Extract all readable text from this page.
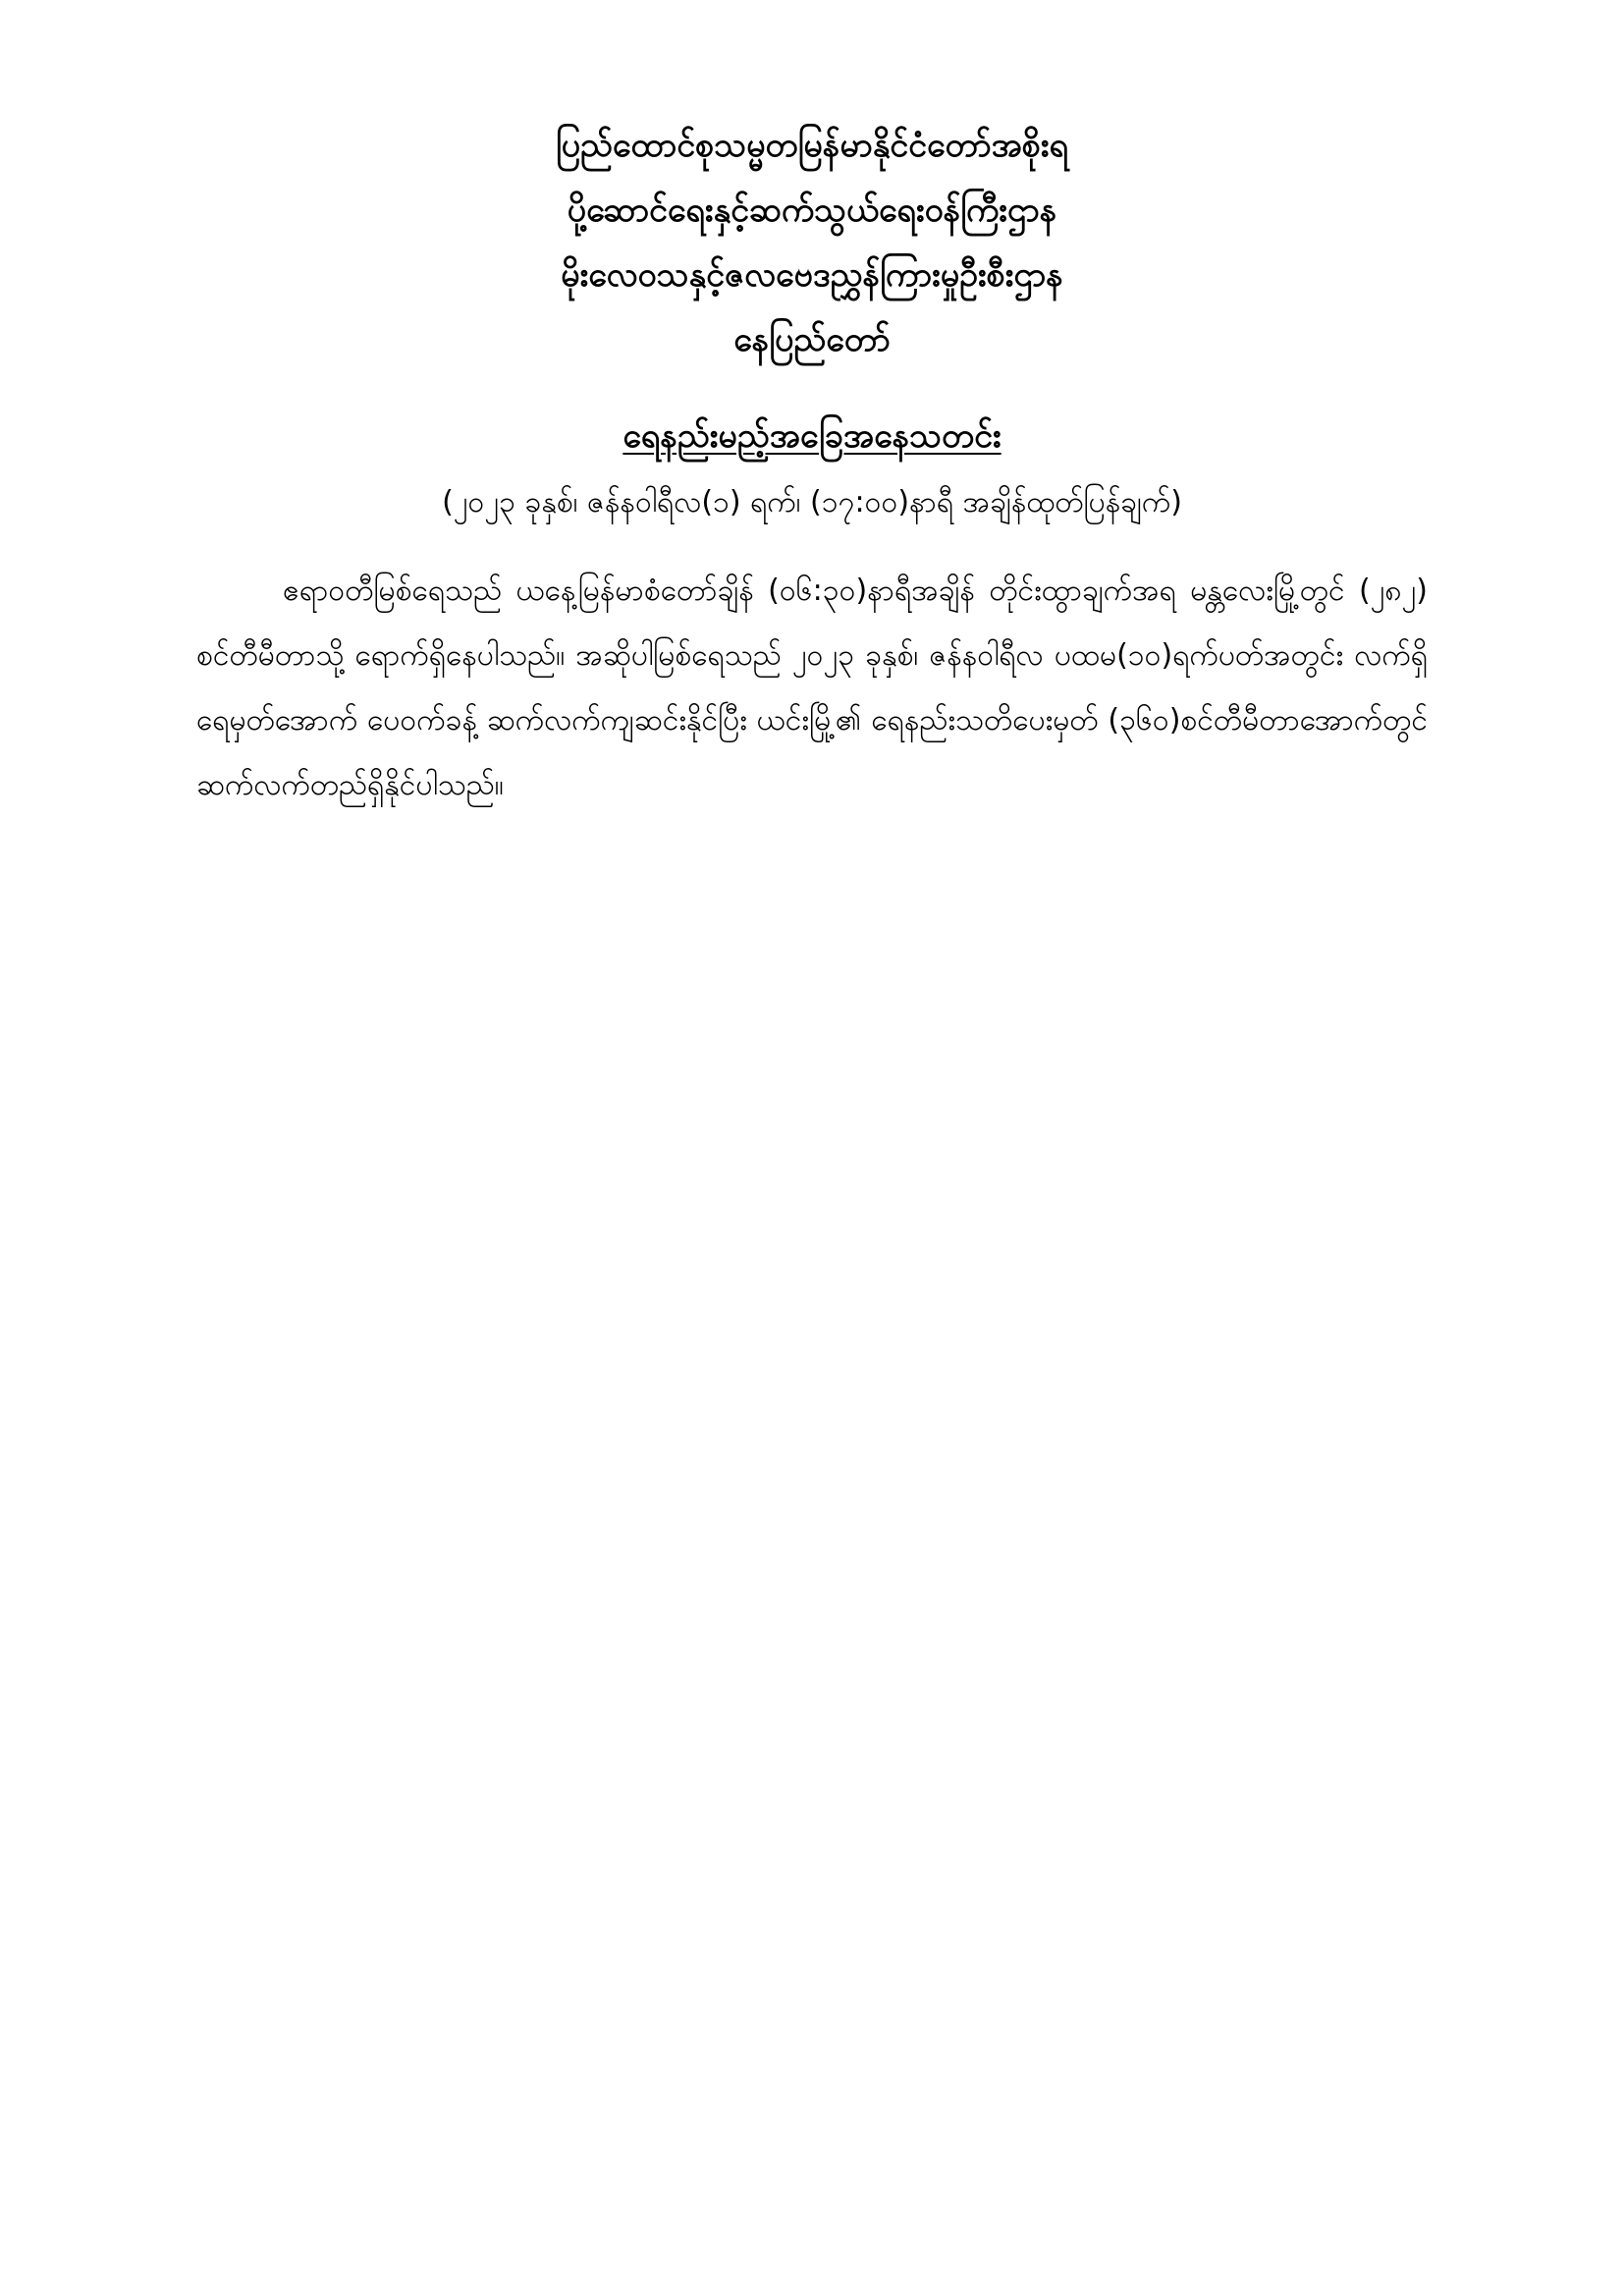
ပြည်ထောင်စုသမ္မတမြန်မာနိုင်ငံတော်အစိုးရ
ပို့ဆောင်ရေးနှင့်ဆက်သွယ်ရေးဝန်ကြီးဌာန
မိုးလေဝသနှင့်ဇလဗေဒညွှန်ကြားမှုဦးစီးဌာန
နေပြည်တော်
ရေနည်းမည့်အခြေအနေသတင်း
(၂၀၂၃ ခုနှစ်၊ ဇန်နဝါရီလ(၁) ရက်၊ (၁၇:၀၀)နာရီ အချိန်ထုတ်ပြန်ချက်)

ဧရာဝတီမြစ်ရေသည် ယနေ့မြန်မာစံတော်ချိန် (၀၆:၃၀)နာရီအချိန် တိုင်းထွာချက်အရ မန္တလေးမြို့တွင် (၂၈၂) စင်တီမီတာသို့ ရောက်ရှိနေပါသည်။ အဆိုပါမြစ်ရေသည် ၂၀၂၃ ခုနှစ်၊ ဇန်နဝါရီလ ပထမ(၁၀)ရက်ပတ်အတွင်း လက်ရှိရေမှတ်အောက် ပေ၀က်ခန့် ဆက်လက်ကျဆင်းနိုင်ပြီး ယင်းမြို့၏ ရေနည်းသတိပေးမှတ် (၃၆၀)စင်တီမီတာအောက်တွင် ဆက်လက်တည်ရှိနိုင်ပါသည်။
